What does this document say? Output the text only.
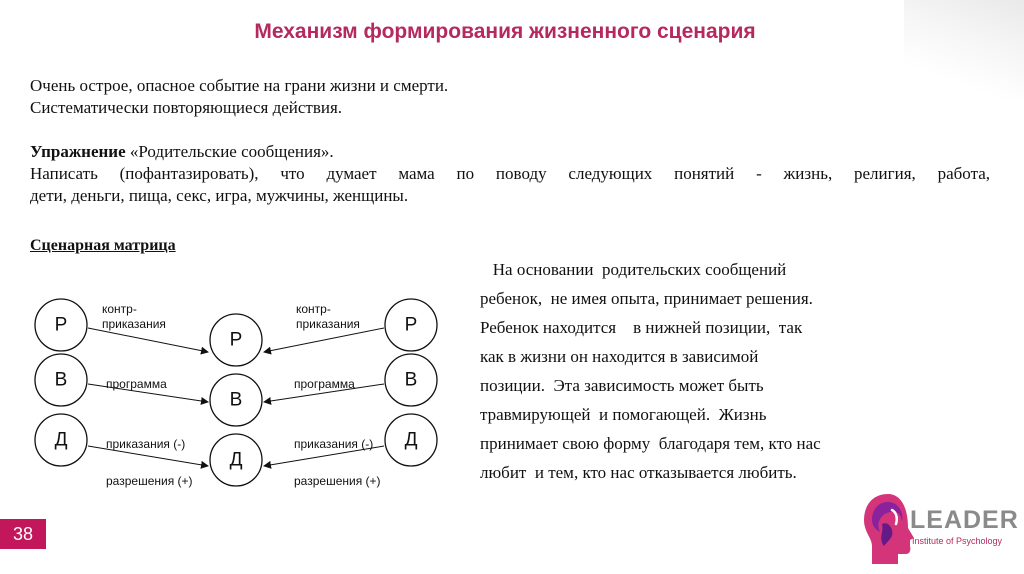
Механизм формирования жизненного сценария

Очень острое, опасное событие на грани жизни и смерти.

Систематически повторяющиеся действия.

Упражнение «Родительские сообщения».

Написать (пофантазировать), что думает мама по поводу следующих понятий - жизнь, религия, работа,

дети, деньги, пища, секс, игра, мужчины, женщины.

Сценарная матрица
Р
В
Д
Р
В
Д
Р
В
Д
контр-
приказания
контр-
приказания
программа	программа
приказания (-)	приказания (-)
разрешения (+)	разрешения (+)

На основании  родительских сообщений

ребенок,  не имея опыта, принимает решения.

Ребенок находится    в нижней позиции,  так

как в жизни он находится в зависимой

позиции.  Эта зависимость может быть

травмирующей  и помогающей.  Жизнь

принимает свою форму  благодаря тем, кто нас

любит  и тем, кто нас отказывается любить.

38	LEADER
Institute of Psychology
